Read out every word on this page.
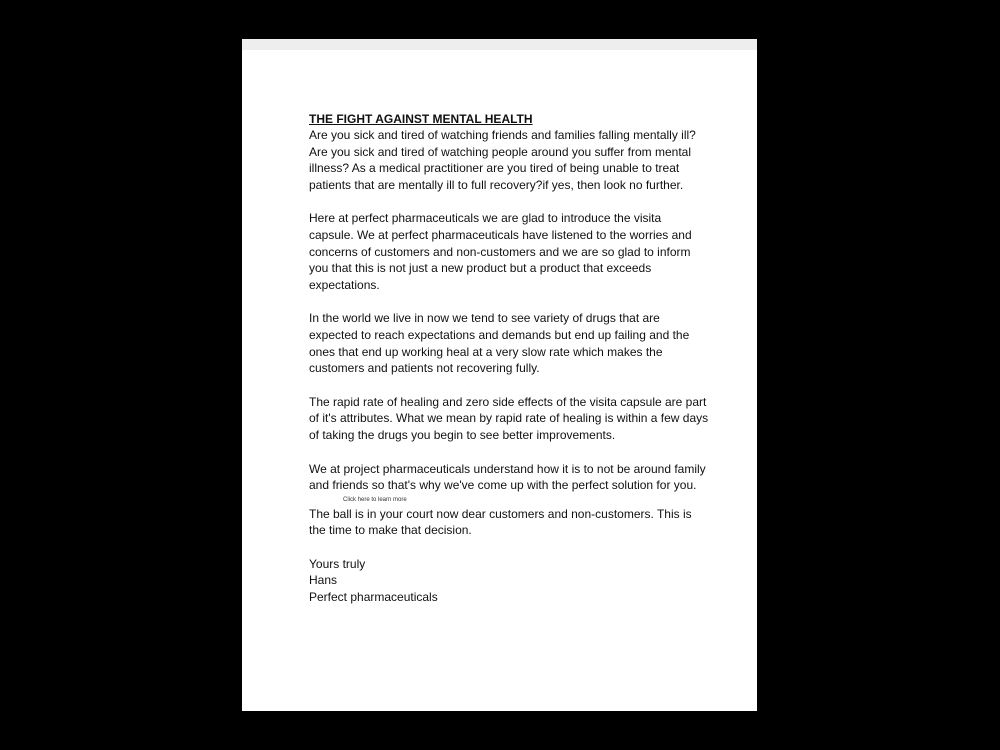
THE FIGHT AGAINST MENTAL HEALTH

Are you sick and tired of watching friends and families falling mentally ill? Are you sick and tired of watching people around you suffer from mental illness? As a medical practitioner are you tired of being unable to treat patients that are mentally ill to full recovery?if yes, then look no further.

Here at perfect pharmaceuticals we are glad to introduce the visita capsule. We at perfect pharmaceuticals have listened to the worries and concerns of customers and non-customers and we are so glad to inform you that this is not just a new product but a product that exceeds expectations.

In the world we live in now we tend to see variety of drugs that are expected to reach expectations and demands but end up failing and the ones that end up working heal at a very slow rate which makes the customers and patients not recovering fully.

The rapid rate of healing and zero side effects of the visita capsule are part of it's attributes. What we mean by rapid rate of healing is within a few days of taking the drugs you begin to see better improvements.

We at project pharmaceuticals understand how it is to not be around family and friends so that's why we've come up with the perfect solution for you.

Click here to learn more

The ball is in your court now dear customers and non-customers. This is the time to make that decision.

Yours truly

Hans

Perfect pharmaceuticals
